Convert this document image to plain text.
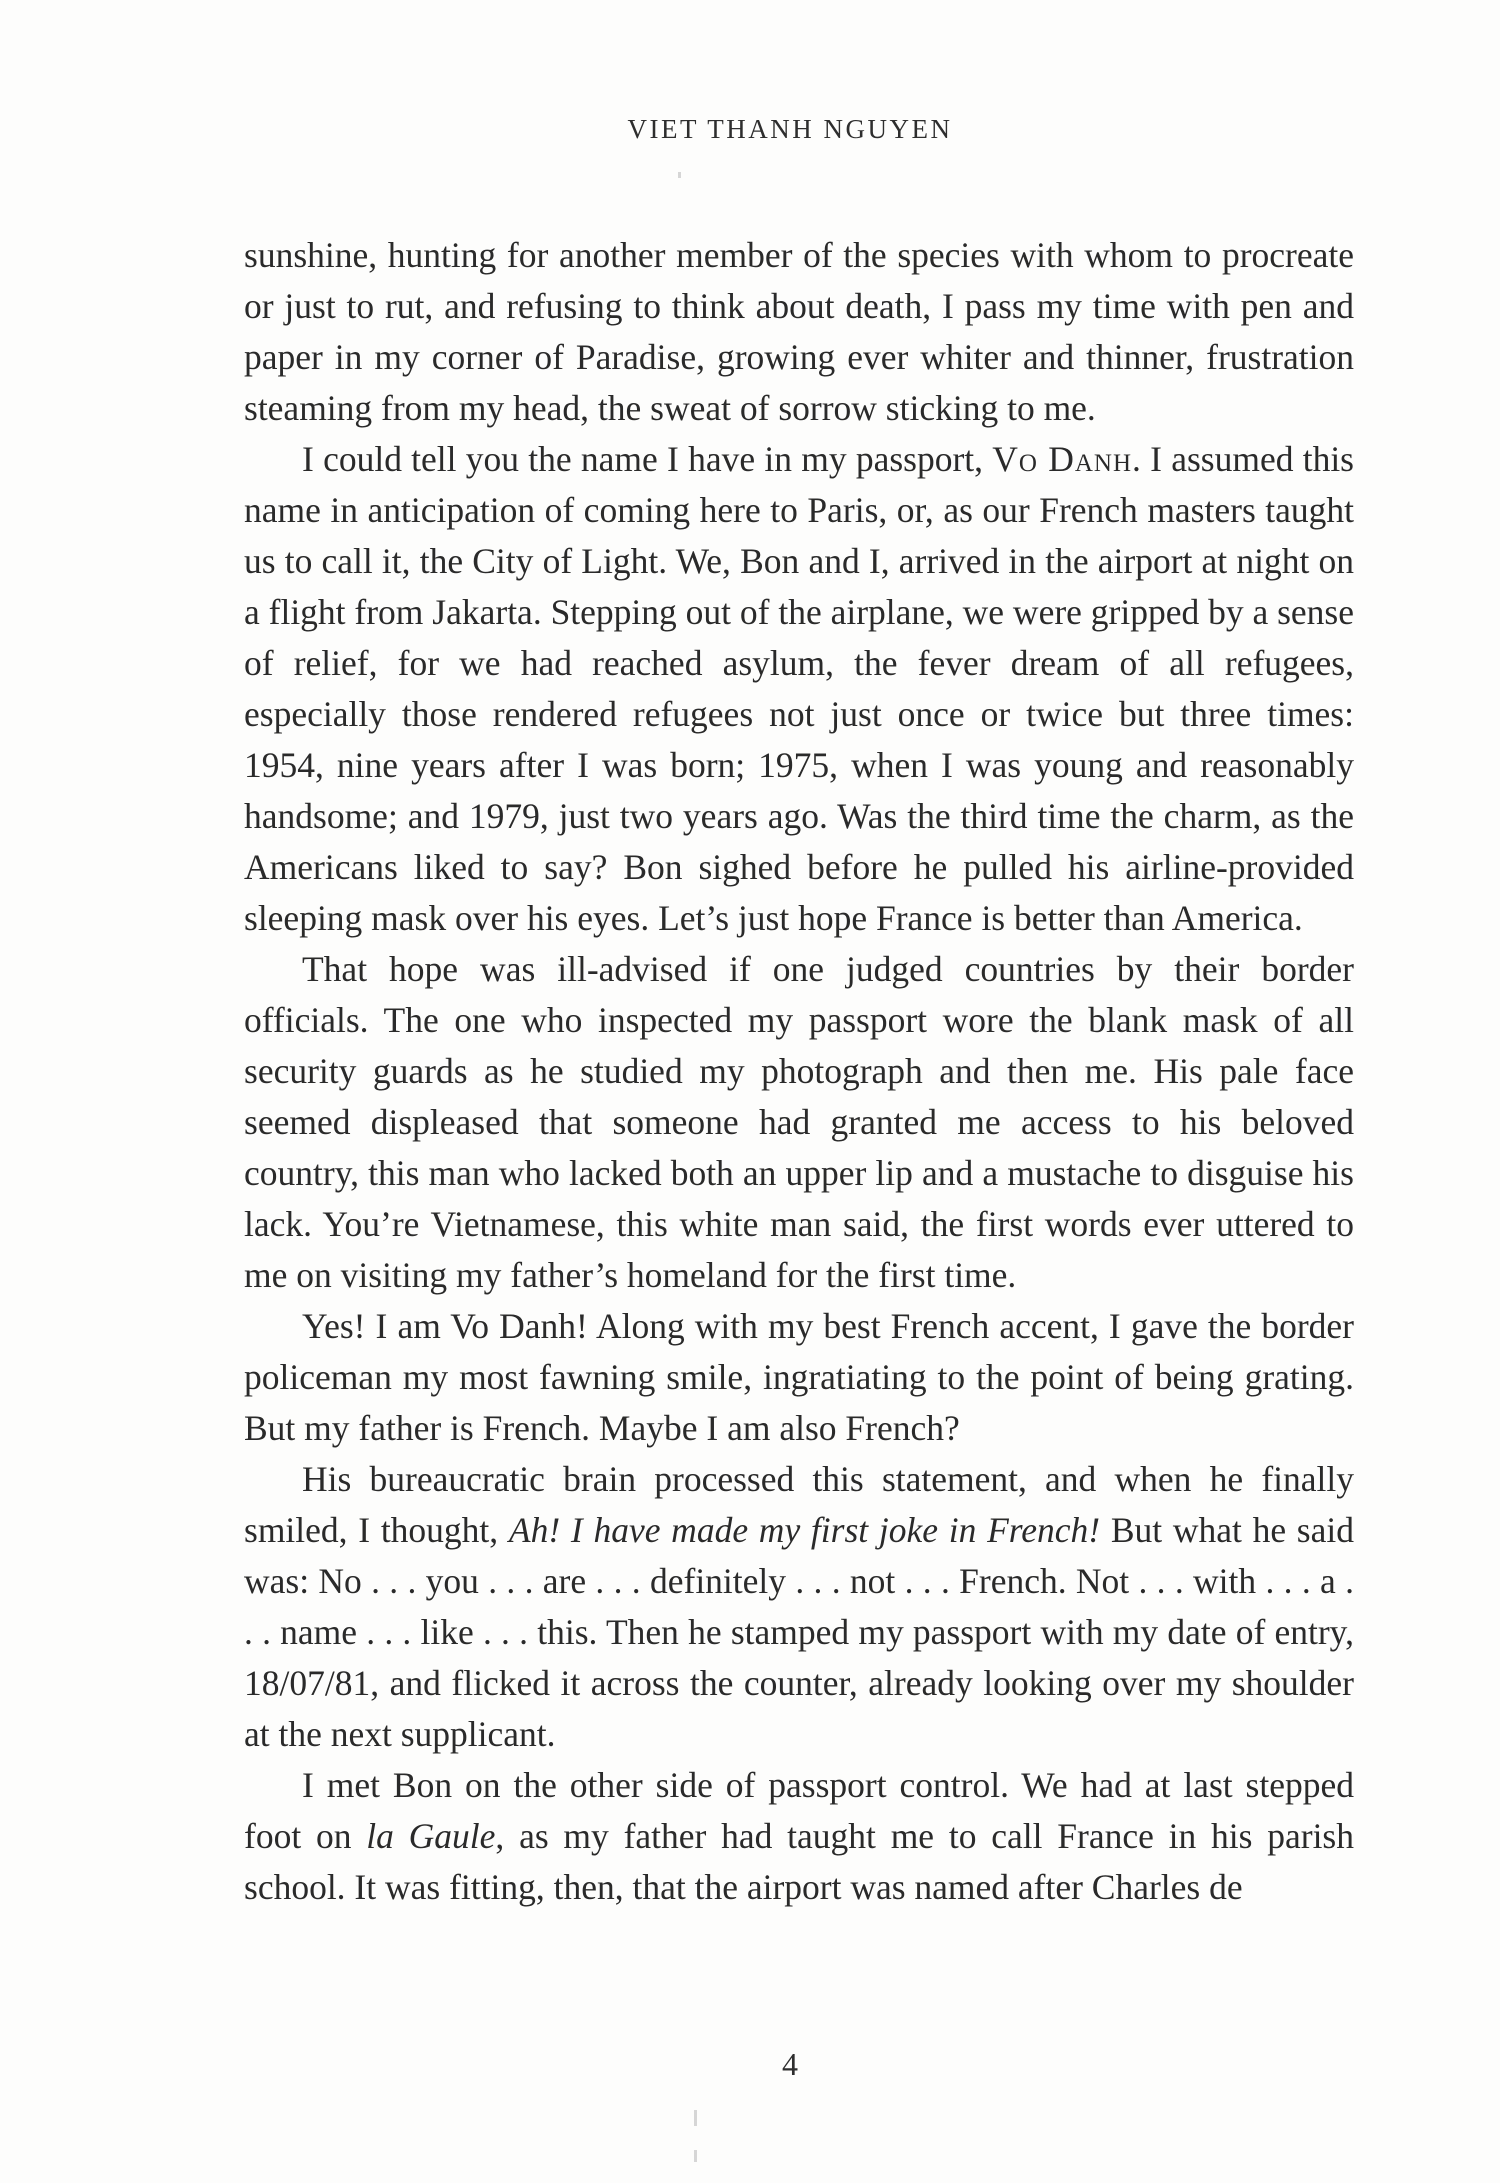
VIET THANH NGUYEN

sunshine, hunting for another member of the species with whom to procreate or just to rut, and refusing to think about death, I pass my time with pen and paper in my corner of Paradise, growing ever whiter and thinner, frustration steaming from my head, the sweat of sorrow sticking to me.

I could tell you the name I have in my passport, Vo Danh. I assumed this name in anticipation of coming here to Paris, or, as our French masters taught us to call it, the City of Light. We, Bon and I, arrived in the airport at night on a flight from Jakarta. Stepping out of the airplane, we were gripped by a sense of relief, for we had reached asylum, the fever dream of all refugees, especially those rendered refugees not just once or twice but three times: 1954, nine years after I was born; 1975, when I was young and reasonably handsome; and 1979, just two years ago. Was the third time the charm, as the Americans liked to say? Bon sighed before he pulled his airline-provided sleeping mask over his eyes. Let’s just hope France is better than America.

That hope was ill-advised if one judged countries by their border officials. The one who inspected my passport wore the blank mask of all security guards as he studied my photograph and then me. His pale face seemed displeased that someone had granted me access to his beloved country, this man who lacked both an upper lip and a mustache to disguise his lack. You’re Vietnamese, this white man said, the first words ever uttered to me on visiting my father’s homeland for the first time.

Yes! I am Vo Danh! Along with my best French accent, I gave the border policeman my most fawning smile, ingratiating to the point of being grating. But my father is French. Maybe I am also French?

His bureaucratic brain processed this statement, and when he finally smiled, I thought, Ah! I have made my first joke in French! But what he said was: No . . . you . . . are . . . definitely . . . not . . . French. Not . . . with . . . a . . . name . . . like . . . this. Then he stamped my passport with my date of entry, 18/07/81, and flicked it across the counter, already looking over my shoulder at the next supplicant.

I met Bon on the other side of passport control. We had at last stepped foot on la Gaule, as my father had taught me to call France in his parish school. It was fitting, then, that the airport was named after Charles de

4
